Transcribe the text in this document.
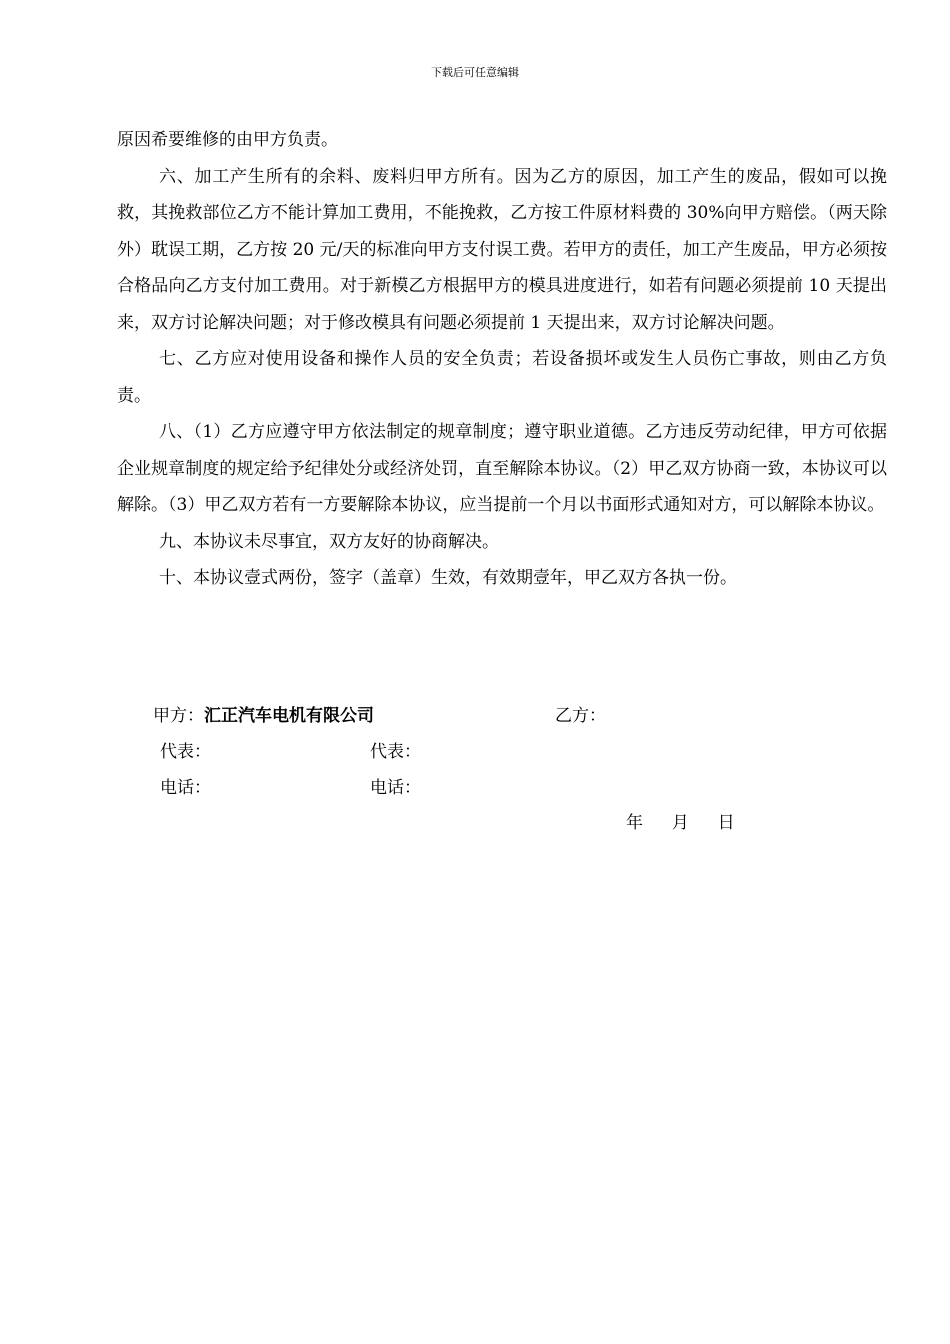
下载后可任意编辑

原因希要维修的由甲方负责。

六、加工产生所有的余料、废料归甲方所有。因为乙方的原因，加工产生的废品，假如可以挽救，其挽救部位乙方不能计算加工费用，不能挽救，乙方按工件原材料费的 30%向甲方赔偿。（两天除外）耽误工期，乙方按 20 元/天的标准向甲方支付误工费。若甲方的责任，加工产生废品，甲方必须按合格品向乙方支付加工费用。对于新模乙方根据甲方的模具进度进行，如若有问题必须提前 10 天提出来，双方讨论解决问题；对于修改模具有问题必须提前 1 天提出来，双方讨论解决问题。

七、乙方应对使用设备和操作人员的安全负责；若设备损坏或发生人员伤亡事故，则由乙方负责。

八、（1）乙方应遵守甲方依法制定的规章制度；遵守职业道德。乙方违反劳动纪律，甲方可依据企业规章制度的规定给予纪律处分或经济处罚，直至解除本协议。（2）甲乙双方协商一致，本协议可以解除。（3）甲乙双方若有一方要解除本协议，应当提前一个月以书面形式通知对方，可以解除本协议。

九、本协议未尽事宜，双方友好的协商解决。

十、本协议壹式两份，签字（盖章）生效，有效期壹年，甲乙双方各执一份。

甲方：汇正汽车电机有限公司	乙方：
代表：	代表：
电话：	电话：
年 月 日
